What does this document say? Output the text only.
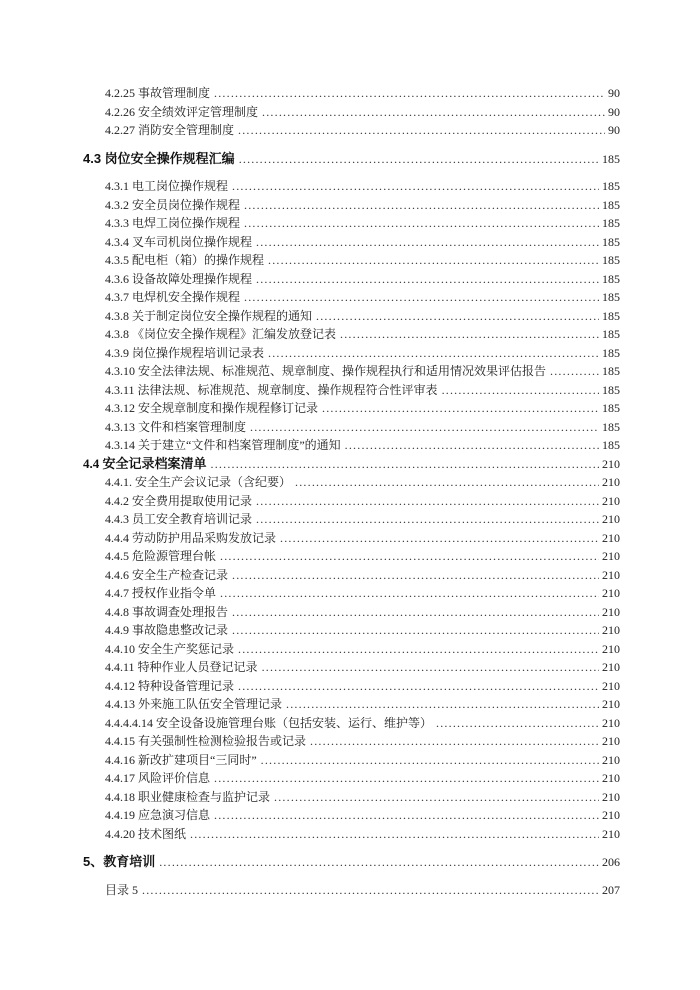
4.2.25 事故管理制度 .....	90
4.2.26 安全绩效评定管理制度 .....	90
4.2.27 消防安全管理制度 .....	90
4.3 岗位安全操作规程汇编 .....	185
4.3.1 电工岗位操作规程 .....	185
4.3.2 安全员岗位操作规程 .....	185
4.3.3 电焊工岗位操作规程 .....	185
4.3.4 叉车司机岗位操作规程 .....	185
4.3.5 配电柜（箱）的操作规程 .....	185
4.3.6 设备故障处理操作规程 .....	185
4.3.7 电焊机安全操作规程 .....	185
4.3.8 关于制定岗位安全操作规程的通知 .....	185
4.3.8 《岗位安全操作规程》汇编发放登记表 .....	185
4.3.9 岗位操作规程培训记录表 .....	185
4.3.10 安全法律法规、标准规范、规章制度、操作规程执行和适用情况效果评估报告 .....	185
4.3.11 法律法规、标准规范、规章制度、操作规程符合性评审表 .....	185
4.3.12 安全规章制度和操作规程修订记录 .....	185
4.3.13 文件和档案管理制度 .....	185
4.3.14 关于建立“文件和档案管理制度”的通知 .....	185
4.4 安全记录档案清单 .....	210
4.4.1. 安全生产会议记录（含纪要） .....	210
4.4.2 安全费用提取使用记录 .....	210
4.4.3 员工安全教育培训记录 .....	210
4.4.4 劳动防护用品采购发放记录 .....	210
4.4.5 危险源管理台帐 .....	210
4.4.6 安全生产检查记录 .....	210
4.4.7 授权作业指令单 .....	210
4.4.8 事故调查处理报告 .....	210
4.4.9 事故隐患整改记录 .....	210
4.4.10 安全生产奖惩记录 .....	210
4.4.11 特种作业人员登记记录 .....	210
4.4.12 特种设备管理记录 .....	210
4.4.13 外来施工队伍安全管理记录 .....	210
4.4.4.4.14 安全设备设施管理台账（包括安装、运行、维护等） .....	210
4.4.15 有关强制性检测检验报告或记录 .....	210
4.4.16 新改扩建项目“三同时” .....	210
4.4.17 风险评价信息 .....	210
4.4.18 职业健康检查与监护记录 .....	210
4.4.19 应急演习信息 .....	210
4.4.20 技术图纸 .....	210
5、教育培训 .....	206
目录 5 .....	207
